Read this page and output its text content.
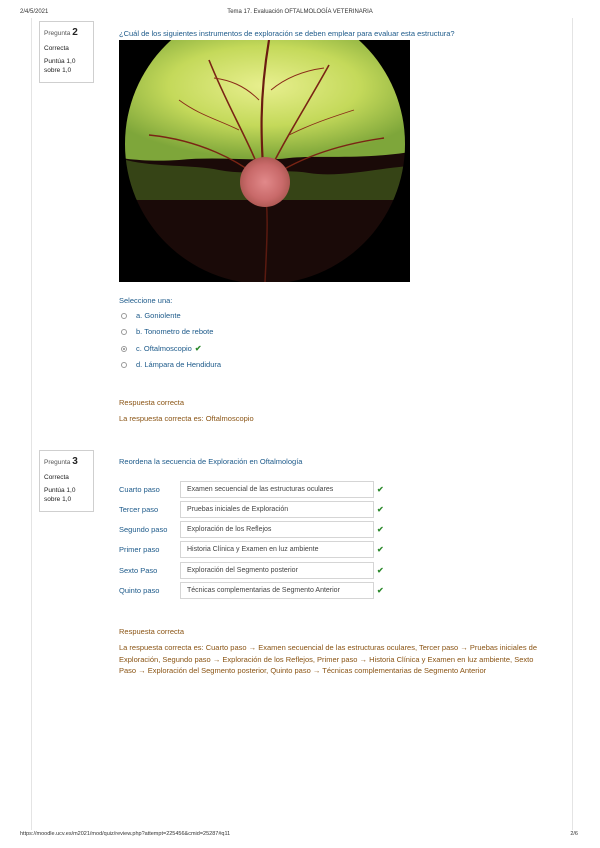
2/4/5/2021	Tema 17. Evaluación OFTALMOLOGÍA VETERINARIA
Pregunta 2
Correcta
Puntúa 1,0
sobre 1,0
¿Cuál de los siguientes instrumentos de exploración se deben emplear para evaluar esta estructura?
Seleccione una:
a. Goniolente
b. Tonometro de rebote
c. Oftalmoscopio ✔
d. Lámpara de Hendidura
Respuesta correcta
La respuesta correcta es: Oftalmoscopio
Pregunta 3
Correcta
Puntúa 1,0
sobre 1,0
Reordena la secuencia de Exploración en Oftalmología
Cuarto paso	Examen secuencial de las estructuras oculares	✔
Tercer paso	Pruebas iniciales de Exploración	✔
Segundo paso	Exploración de los Reflejos	✔
Primer paso	Historia Clínica y Examen en luz ambiente	✔
Sexto Paso	Exploración del Segmento posterior	✔
Quinto paso	Técnicas complementarias de Segmento Anterior	✔
Respuesta correcta
La respuesta correcta es: Cuarto paso → Examen secuencial de las estructuras oculares, Tercer paso → Pruebas iniciales de Exploración, Segundo paso → Exploración de los Reflejos, Primer paso → Historia Clínica y Examen en luz ambiente, Sexto Paso → Exploración del Segmento posterior, Quinto paso → Técnicas complementarias de Segmento Anterior
https://moodle.ucv.es/m2021/mod/quiz/review.php?attempt=225456&cmid=25287#q11	2/6
